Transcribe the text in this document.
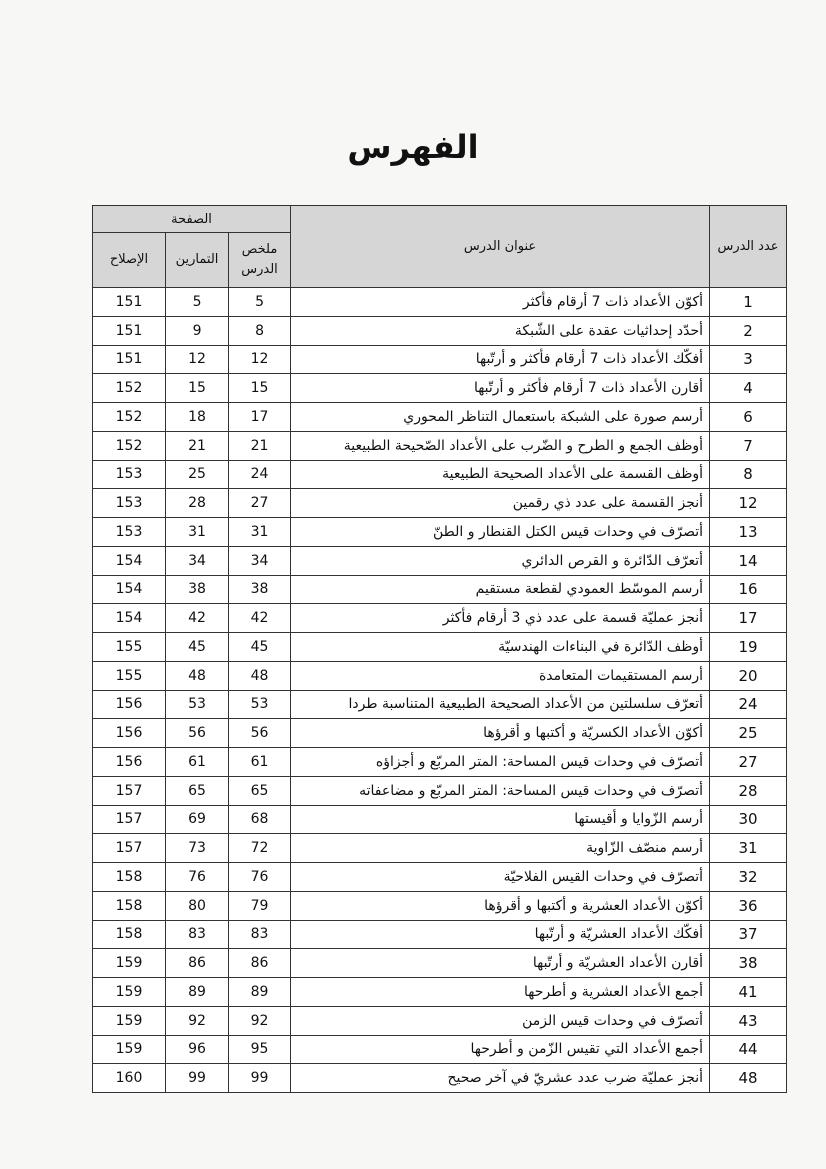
الفهرس
عدد الدرس	عنوان الدرس	الصفحة		
		ملخص الدرس	التمارين	الإصلاح
1	أكوّن الأعداد ذات 7 أرقام فأكثر	5	5	151
2	أحدّد إحداثيات عقدة على الشّبكة	8	9	151
3	أفكّك الأعداد ذات 7 أرقام فأكثر و أرتّبها	12	12	151
4	أقارن الأعداد ذات 7 أرقام فأكثر و أرتّبها	15	15	152
6	أرسم صورة على الشبكة باستعمال التناظر المحوري	17	18	152
7	أوظف الجمع و الطرح و الضّرب على الأعداد الصّحيحة الطبيعية	21	21	152
8	أوظف القسمة على الأعداد الصحيحة الطبيعية	24	25	153
12	أنجز القسمة على عدد ذي رقمين	27	28	153
13	أتصرّف في وحدات قيس الكتل القنطار و الطنّ	31	31	153
14	أتعرّف الدّائرة و القرص الدائري	34	34	154
16	أرسم الموسّط العمودي لقطعة مستقيم	38	38	154
17	أنجز عمليّة قسمة على عدد ذي 3 أرقام فأكثر	42	42	154
19	أوظف الدّائرة في البناءات الهندسيّة	45	45	155
20	أرسم المستقيمات المتعامدة	48	48	155
24	أتعرّف سلسلتين من الأعداد الصحيحة الطبيعية المتناسبة طردا	53	53	156
25	أكوّن الأعداد الكسريّة و أكتبها و أقرؤها	56	56	156
27	أتصرّف في وحدات قيس المساحة: المتر المربّع و أجزاؤه	61	61	156
28	أتصرّف في وحدات قيس المساحة: المتر المربّع و مضاعفاته	65	65	157
30	أرسم الزّوايا و أقيستها	68	69	157
31	أرسم منصّف الزّاوية	72	73	157
32	أتصرّف في وحدات القيس الفلاحيّة	76	76	158
36	أكوّن الأعداد العشرية و أكتبها و أقرؤها	79	80	158
37	أفكّك الأعداد العشريّة و أرتّبها	83	83	158
38	أقارن الأعداد العشريّة و أرتّبها	86	86	159
41	أجمع الأعداد العشرية و أطرحها	89	89	159
43	أتصرّف في وحدات قيس الزمن	92	92	159
44	أجمع الأعداد التي تقيس الزّمن و أطرحها	95	96	159
48	أنجز عمليّة ضرب عدد عشريّ في آخر صحيح	99	99	160
